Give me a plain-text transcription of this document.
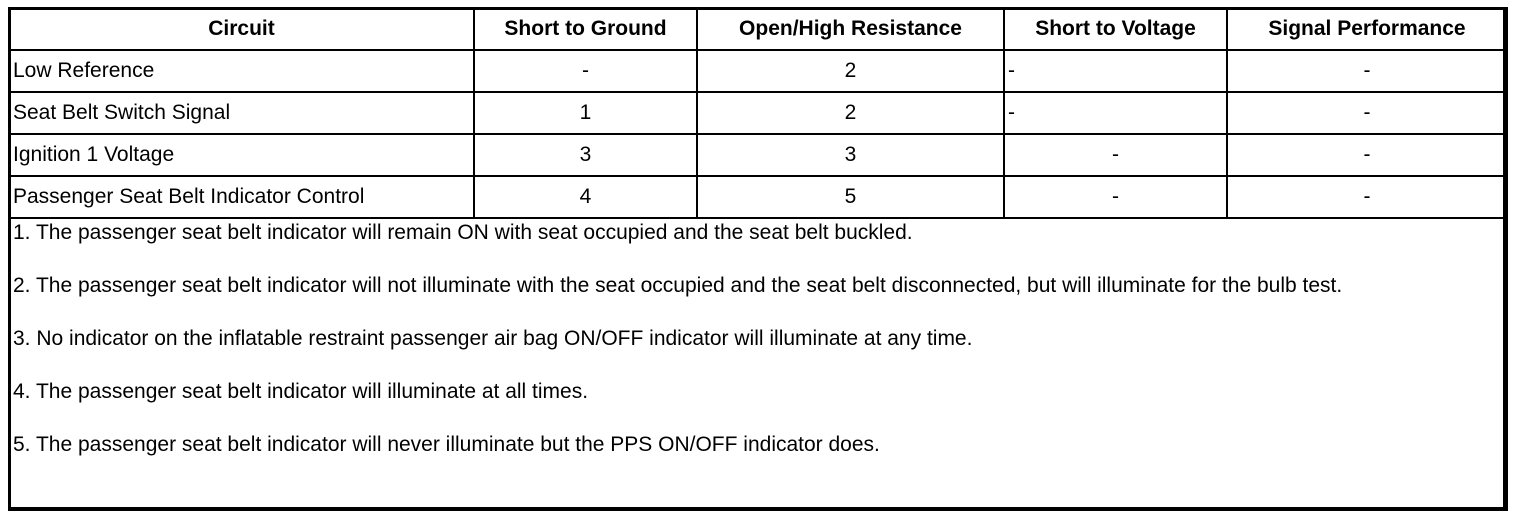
Circuit	Short to Ground	Open/High Resistance	Short to Voltage	Signal Performance
Low Reference	-	2	-	-
Seat Belt Switch Signal	1	2	-	-
Ignition 1 Voltage	3	3	-	-
Passenger Seat Belt Indicator Control	4	5	-	-

1. The passenger seat belt indicator will remain ON with seat occupied and the seat belt buckled.

2. The passenger seat belt indicator will not illuminate with the seat occupied and the seat belt disconnected, but will illuminate for the bulb test.

3. No indicator on the inflatable restraint passenger air bag ON/OFF indicator will illuminate at any time.

4. The passenger seat belt indicator will illuminate at all times.

5. The passenger seat belt indicator will never illuminate but the PPS ON/OFF indicator does.				
